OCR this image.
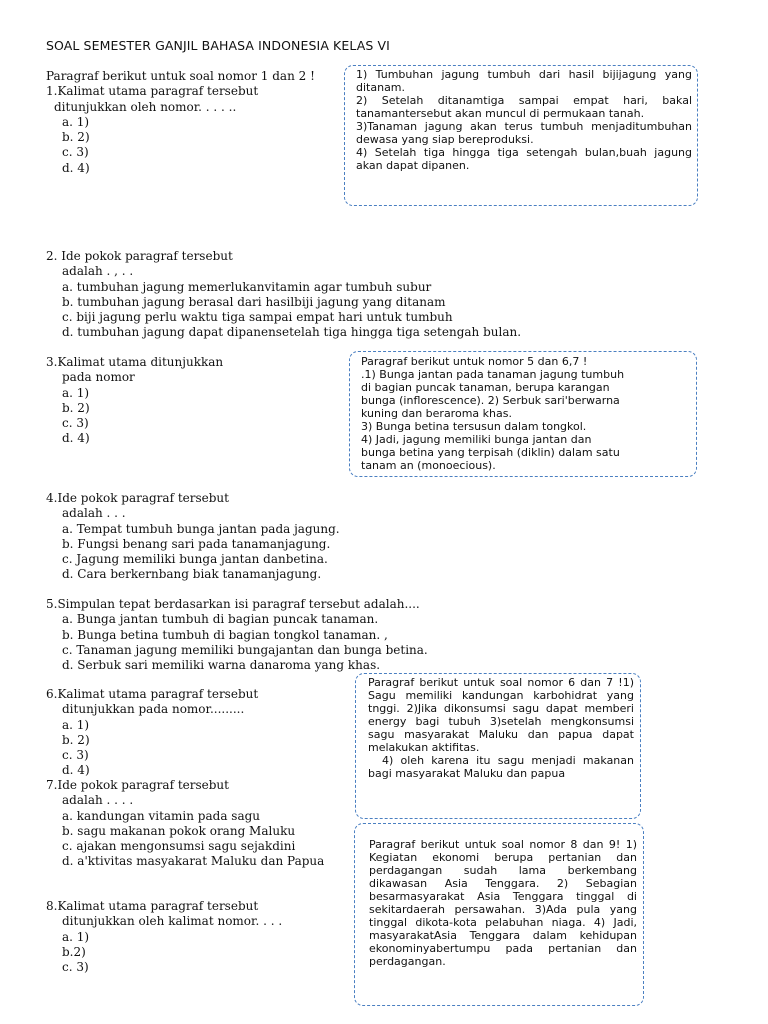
SOAL SEMESTER GANJIL BAHASA INDONESIA KELAS VI
Paragraf berikut untuk soal nomor 1 dan 2 !
1.Kalimat utama paragraf tersebut
ditunjukkan oleh nomor. . . . ..
a. 1)
b. 2)
c. 3)
d. 4)

1) Tumbuhan jagung tumbuh dari hasil bijijagung yang ditanam.

2) Setelah ditanamtiga sampai empat hari, bakal tanamantersebut akan muncul di permukaan tanah.

3)Tanaman jagung akan terus tumbuh menjaditumbuhan dewasa yang siap bereproduksi.

4) Setelah tiga hingga tiga setengah bulan,buah jagung akan dapat dipanen.

2. Ide pokok paragraf tersebut
adalah . , . .
a. tumbuhan jagung memerlukanvitamin agar tumbuh subur
b. tumbuhan jagung berasal dari hasilbiji jagung yang ditanam
c. biji jagung perlu waktu tiga sampai empat hari untuk tumbuh
d. tumbuhan jagung dapat dipanensetelah tiga hingga tiga setengah bulan.
3.Kalimat utama ditunjukkan
pada nomor
a. 1)
b. 2)
c. 3)
d. 4)

Paragraf berikut untuk nomor 5 dan 6,7 !

.1) Bunga jantan pada tanaman jagung tumbuh di bagian puncak tanaman, berupa karangan bunga (inflorescence). 2) Serbuk sari'berwarna kuning dan beraroma khas.

3) Bunga betina tersusun dalam tongkol.

4) Jadi, jagung memiliki bunga jantan dan bunga betina yang terpisah (diklin) dalam satu tanam an (monoecious).

4.Ide pokok paragraf tersebut
adalah . . .
a. Tempat tumbuh bunga jantan pada jagung.
b. Fungsi benang sari pada tanamanjagung.
c. Jagung memiliki bunga jantan danbetina.
d. Cara berkernbang biak tanamanjagung.
5.Simpulan tepat berdasarkan isi paragraf tersebut adalah....
a. Bunga jantan tumbuh di bagian puncak tanaman.
b. Bunga betina tumbuh di bagian tongkol tanaman. ,
c. Tanaman jagung memiliki bungajantan dan bunga betina.
d. Serbuk sari memiliki warna danaroma yang khas.

Paragraf berikut untuk soal nomor 6 dan 7 !1) Sagu memiliki kandungan karbohidrat yang tnggi. 2)Jika dikonsumsi sagu dapat memberi energy bagi tubuh 3)setelah mengkonsumsi sagu masyarakat Maluku dan papua dapat melakukan aktifitas.

4) oleh karena itu sagu menjadi makanan bagi masyarakat Maluku dan papua

6.Kalimat utama paragraf tersebut
ditunjukkan pada nomor.........
a. 1)
b. 2)
c. 3)
d. 4)
7.Ide pokok paragraf tersebut
adalah . . . .
a. kandungan vitamin pada sagu
b. sagu makanan pokok orang Maluku
c. ajakan mengonsumsi sagu sejakdini
d. a'ktivitas masyakarat Maluku dan Papua

Paragraf berikut untuk soal nomor 8 dan 9! 1) Kegiatan ekonomi berupa pertanian dan perdagangan sudah lama berkembang dikawasan Asia Tenggara. 2) Sebagian besarmasyarakat Asia Tenggara tinggal di sekitardaerah persawahan. 3)Ada pula yang tinggal dikota-kota pelabuhan niaga. 4) Jadi, masyarakatAsia Tenggara dalam kehidupan ekonominyabertumpu pada pertanian dan perdagangan.

8.Kalimat utama paragraf tersebut
ditunjukkan oleh kalimat nomor. . . .
a. 1)
b.2)
c. 3)
